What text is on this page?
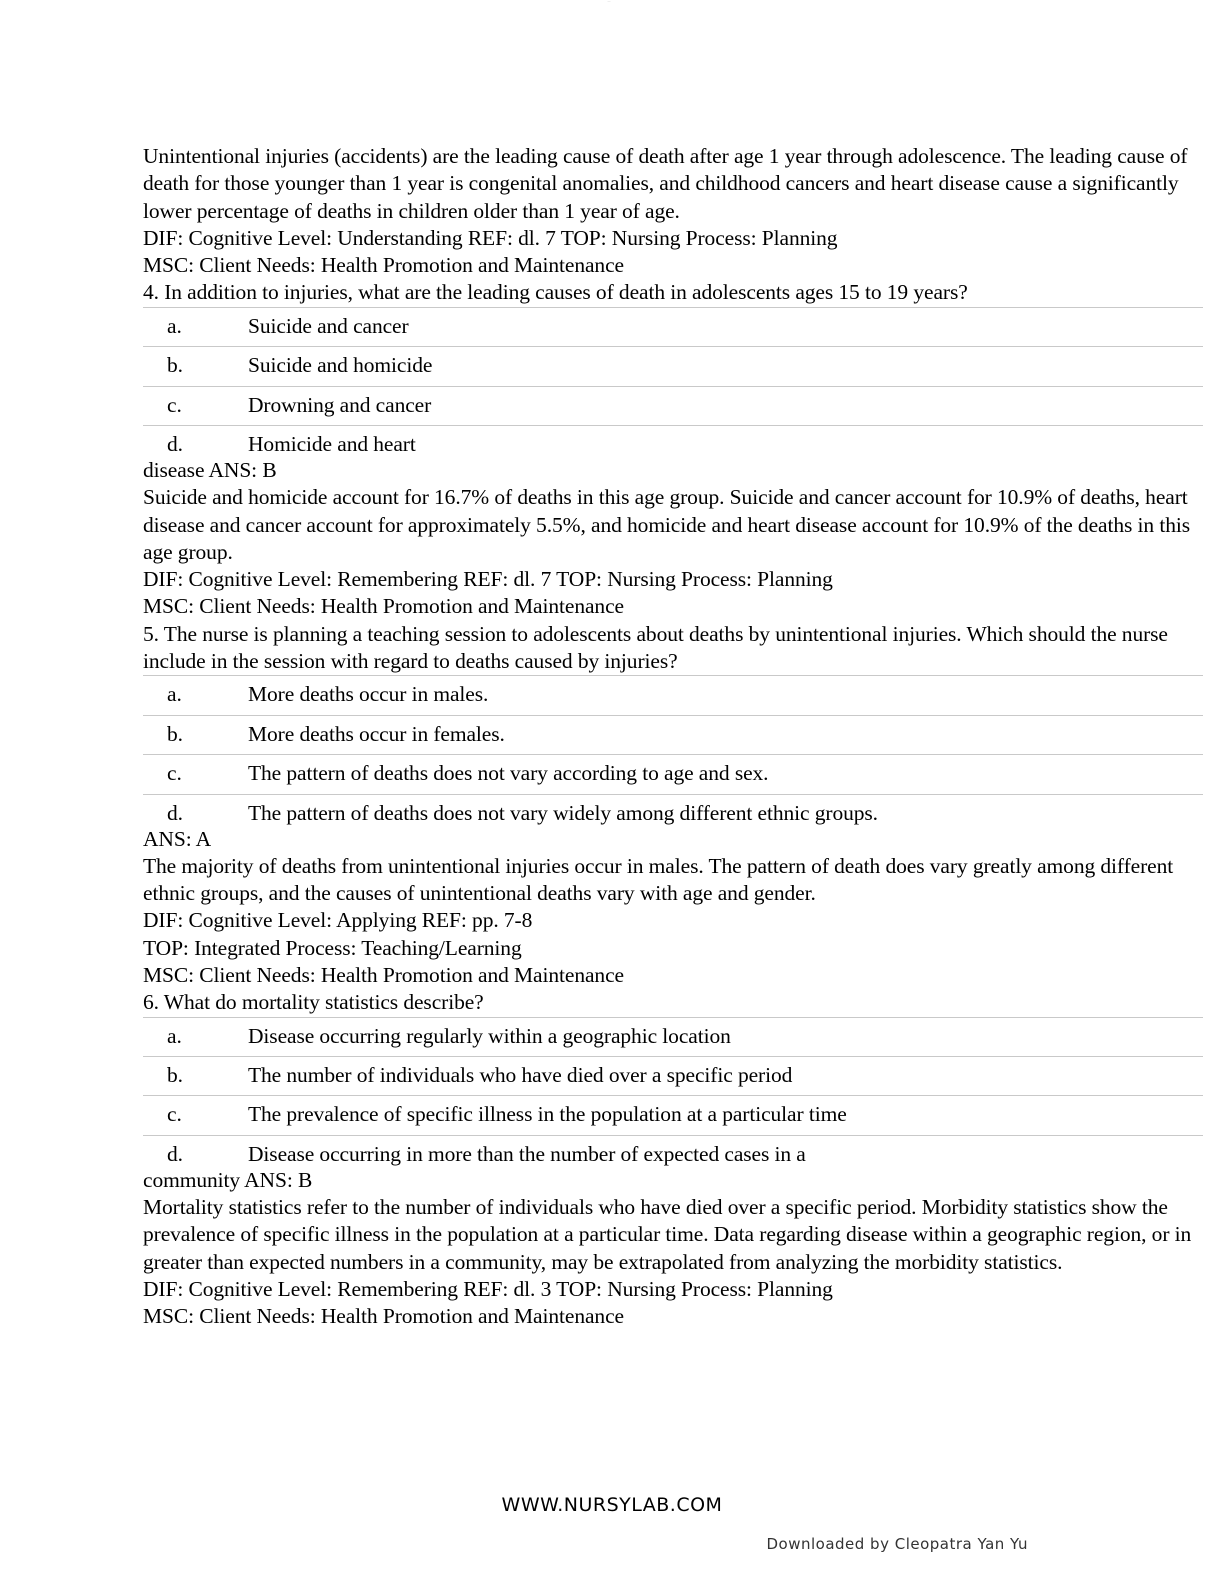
···

Unintentional injuries (accidents) are the leading cause of death after age 1 year through adolescence. The leading cause of death for those younger than 1 year is congenital anomalies, and childhood cancers and heart disease cause a significantly lower percentage of deaths in children older than 1 year of age.

DIF: Cognitive Level: Understanding REF: dl. 7 TOP: Nursing Process: Planning

MSC: Client Needs: Health Promotion and Maintenance

4. In addition to injuries, what are the leading causes of death in adolescents ages 15 to 19 years?

a.	Suicide and cancer
b.	Suicide and homicide
c.	Drowning and cancer
d.	Homicide and heart

disease ANS: B

Suicide and homicide account for 16.7% of deaths in this age group. Suicide and cancer account for 10.9% of deaths, heart disease and cancer account for approximately 5.5%, and homicide and heart disease account for 10.9% of the deaths in this age group.

DIF: Cognitive Level: Remembering REF: dl. 7 TOP: Nursing Process: Planning

MSC: Client Needs: Health Promotion and Maintenance

5. The nurse is planning a teaching session to adolescents about deaths by unintentional injuries. Which should the nurse include in the session with regard to deaths caused by injuries?

a.	More deaths occur in males.
b.	More deaths occur in females.
c.	The pattern of deaths does not vary according to age and sex.
d.	The pattern of deaths does not vary widely among different ethnic groups.

ANS: A

The majority of deaths from unintentional injuries occur in males. The pattern of death does vary greatly among different ethnic groups, and the causes of unintentional deaths vary with age and gender.

DIF: Cognitive Level: Applying REF: pp. 7-8

TOP: Integrated Process: Teaching/Learning

MSC: Client Needs: Health Promotion and Maintenance

6. What do mortality statistics describe?

a.	Disease occurring regularly within a geographic location
b.	The number of individuals who have died over a specific period
c.	The prevalence of specific illness in the population at a particular time
d.	Disease occurring in more than the number of expected cases in a

community ANS: B

Mortality statistics refer to the number of individuals who have died over a specific period. Morbidity statistics show the prevalence of specific illness in the population at a particular time. Data regarding disease within a geographic region, or in greater than expected numbers in a community, may be extrapolated from analyzing the morbidity statistics.

DIF: Cognitive Level: Remembering REF: dl. 3 TOP: Nursing Process: Planning

MSC: Client Needs: Health Promotion and Maintenance

WWW.NURSYLAB.COM
Downloaded by Cleopatra Yan Yu
